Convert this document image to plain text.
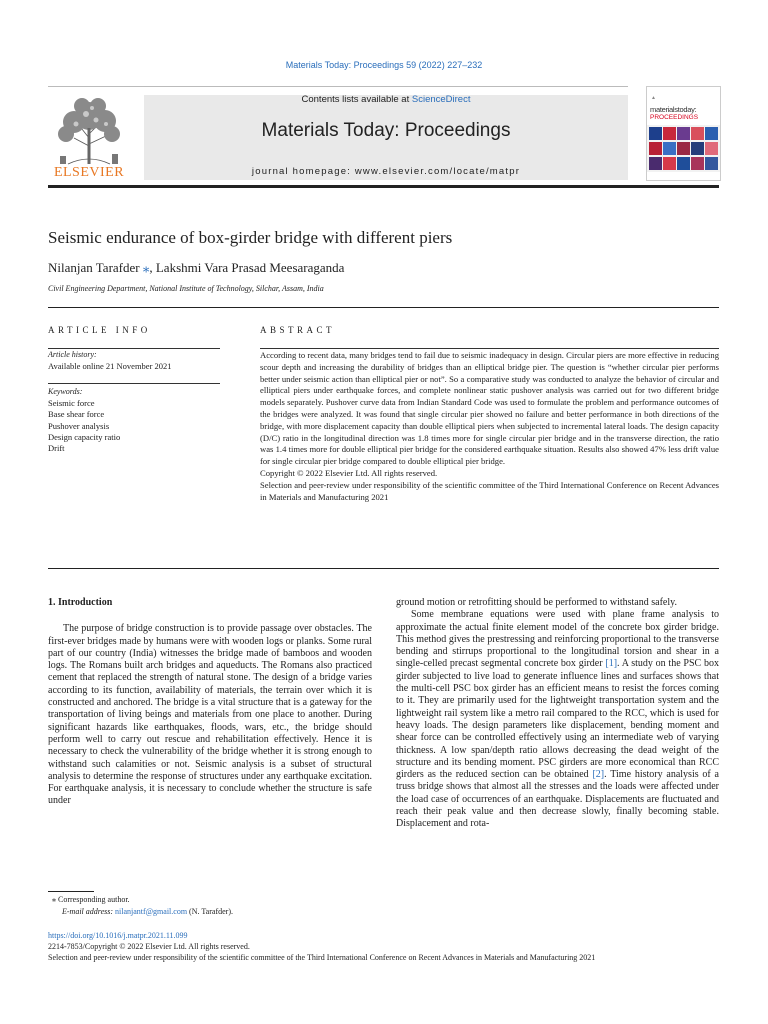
Materials Today: Proceedings 59 (2022) 227–232
ELSEVIER
Contents lists available at ScienceDirect
Materials Today: Proceedings
journal homepage: www.elsevier.com/locate/matpr
▲
materialstoday:
PROCEEDINGS
Seismic endurance of box-girder bridge with different piers
Nilanjan Tarafder ⁎, Lakshmi Vara Prasad Meesaraganda
Civil Engineering Department, National Institute of Technology, Silchar, Assam, India
ARTICLE INFO	ABSTRACT
Article history:
Available online 21 November 2021
Keywords:
Seismic force
Base shear force
Pushover analysis
Design capacity ratio
Drift

According to recent data, many bridges tend to fail due to seismic inadequacy in design. Circular piers are more effective in reducing scour depth and increasing the durability of bridges than an elliptical bridge pier. The question is “whether circular pier performs better under seismic action than elliptical pier or not”. So a comparative study was conducted to analyze the behavior of circular and elliptical piers under earthquake forces, and complete nonlinear static pushover analysis was carried out for two different bridge models separately. Pushover curve data from Indian Standard Code was used to formulate the problem and performance outcomes of the bridges were analyzed. It was found that single circular pier showed no failure and better performance in both directions of the bridge, with more displacement capacity than double elliptical piers when subjected to incremental lateral loads. The design capacity (D/C) ratio in the longitudinal direction was 1.8 times more for single circular pier bridge and in the transverse direction, the ratio was 1.4 times more for double elliptical pier bridge for the considered earthquake situation. Results also showed 47% less drift value for single circular pier bridge compared to double elliptical pier bridge.

Copyright © 2022 Elsevier Ltd. All rights reserved.

Selection and peer-review under responsibility of the scientific committee of the Third International Conference on Recent Advances in Materials and Manufacturing 2021

1. Introduction

The purpose of bridge construction is to provide passage over obstacles. The first-ever bridges made by humans were with wooden logs or planks. Some rural part of our country (India) witnesses the bridge made of bamboos and wooden logs. The Romans built arch bridges and aqueducts. The Romans also practiced cement that replaced the strength of natural stone. The design of a bridge varies according to its function, availability of materials, the terrain over which it is constructed and anchored. The bridge is a vital structure that is a gateway for the transportation of living beings and materials from one place to another. During significant hazards like earthquakes, floods, wars, etc., the bridge should perform well to carry out rescue and rehabilitation effectively. Hence it is necessary to check the vulnerability of the bridge whether it is strong enough to withstand such calamities or not. Seismic analysis is a subset of structural analysis to determine the response of structures under any earthquake excitation. For earthquake analysis, it is necessary to conclude whether the structure is safe under

ground motion or retrofitting should be performed to withstand safely.

Some membrane equations were used with plane frame analysis to approximate the actual finite element model of the concrete box girder bridge. This method gives the prestressing and reinforcing proportional to the transverse bending and stirrups proportional to the longitudinal torsion and shear in a single-celled precast segmental concrete box girder [1]. A study on the PSC box girder subjected to live load to generate influence lines and surfaces shows that the multi-cell PSC box girder has an efficient means to resist the forces coming to it. They are primarily used for the lightweight transportation system and the lightweight rail system like a metro rail compared to the RCC, which is used for heavy loads. The design parameters like displacement, bending moment and shear force can be controlled effectively using an intermediate web of varying thickness. A low span/depth ratio allows decreasing the dead weight of the structure and its bending moment. PSC girders are more economical than RCC girders as the reduced section can be obtained [2]. Time history analysis of a truss bridge shows that almost all the stresses and the loads were affected under the load case of occurrences of an earthquake. Displacements are fluctuated and reach their peak value and then decrease slowly, finally becoming stable. Displacement and rota-

⁎ Corresponding author.
E-mail address: nilanjantf@gmail.com (N. Tarafder).
https://doi.org/10.1016/j.matpr.2021.11.099
2214-7853/Copyright © 2022 Elsevier Ltd. All rights reserved.
Selection and peer-review under responsibility of the scientific committee of the Third International Conference on Recent Advances in Materials and Manufacturing 2021
